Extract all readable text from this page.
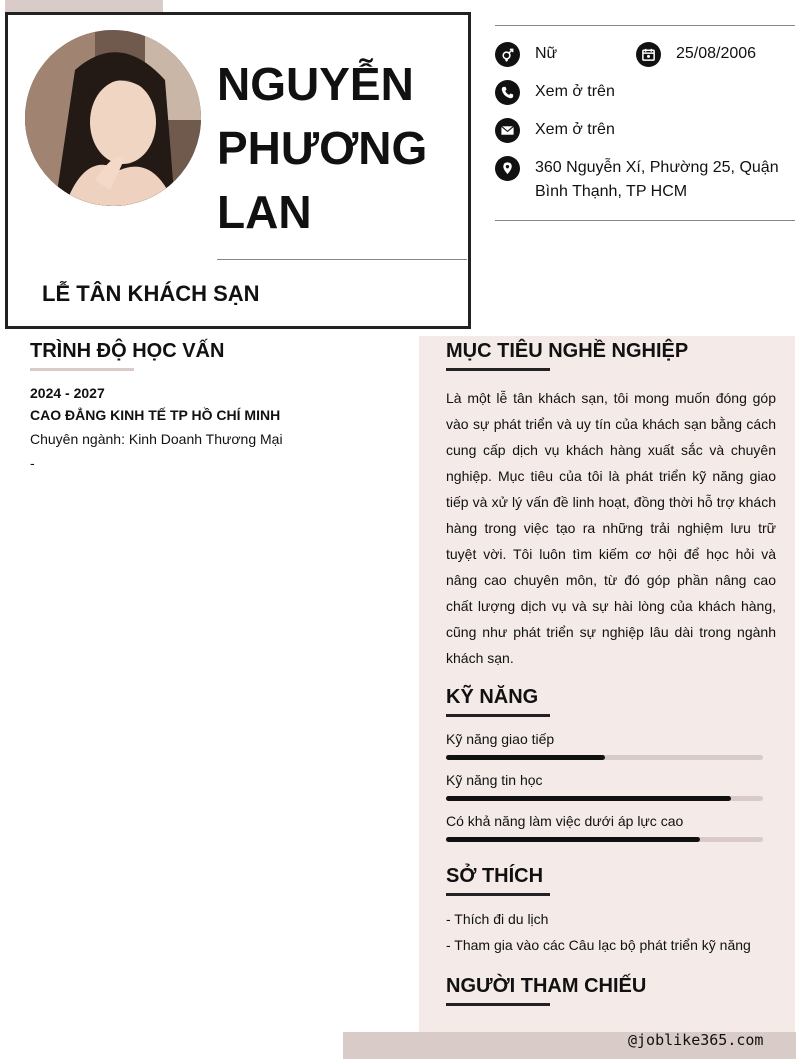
NGUYỄN
PHƯƠNG
LAN
LỄ TÂN KHÁCH SẠN
Nữ	25/08/2006
Xem ở trên
Xem ở trên
360 Nguyễn Xí, Phường 25, Quận Bình Thạnh, TP HCM
TRÌNH ĐỘ HỌC VẤN
2024 - 2027
CAO ĐẲNG KINH TẾ TP HỒ CHÍ MINH
Chuyên ngành: Kinh Doanh Thương Mại
-
MỤC TIÊU NGHỀ NGHIỆP

Là một lễ tân khách sạn, tôi mong muốn đóng góp vào sự phát triển và uy tín của khách sạn bằng cách cung cấp dịch vụ khách hàng xuất sắc và chuyên nghiệp. Mục tiêu của tôi là phát triển kỹ năng giao tiếp và xử lý vấn đề linh hoạt, đồng thời hỗ trợ khách hàng trong việc tạo ra những trải nghiệm lưu trữ tuyệt vời. Tôi luôn tìm kiếm cơ hội để học hỏi và nâng cao chuyên môn, từ đó góp phần nâng cao chất lượng dịch vụ và sự hài lòng của khách hàng, cũng như phát triển sự nghiệp lâu dài trong ngành khách sạn.

KỸ NĂNG
Kỹ năng giao tiếp
Kỹ năng tin học
Có khả năng làm việc dưới áp lực cao
SỞ THÍCH
- Thích đi du lịch
- Tham gia vào các Câu lạc bộ phát triển kỹ năng
NGƯỜI THAM CHIẾU
@joblike365.com
